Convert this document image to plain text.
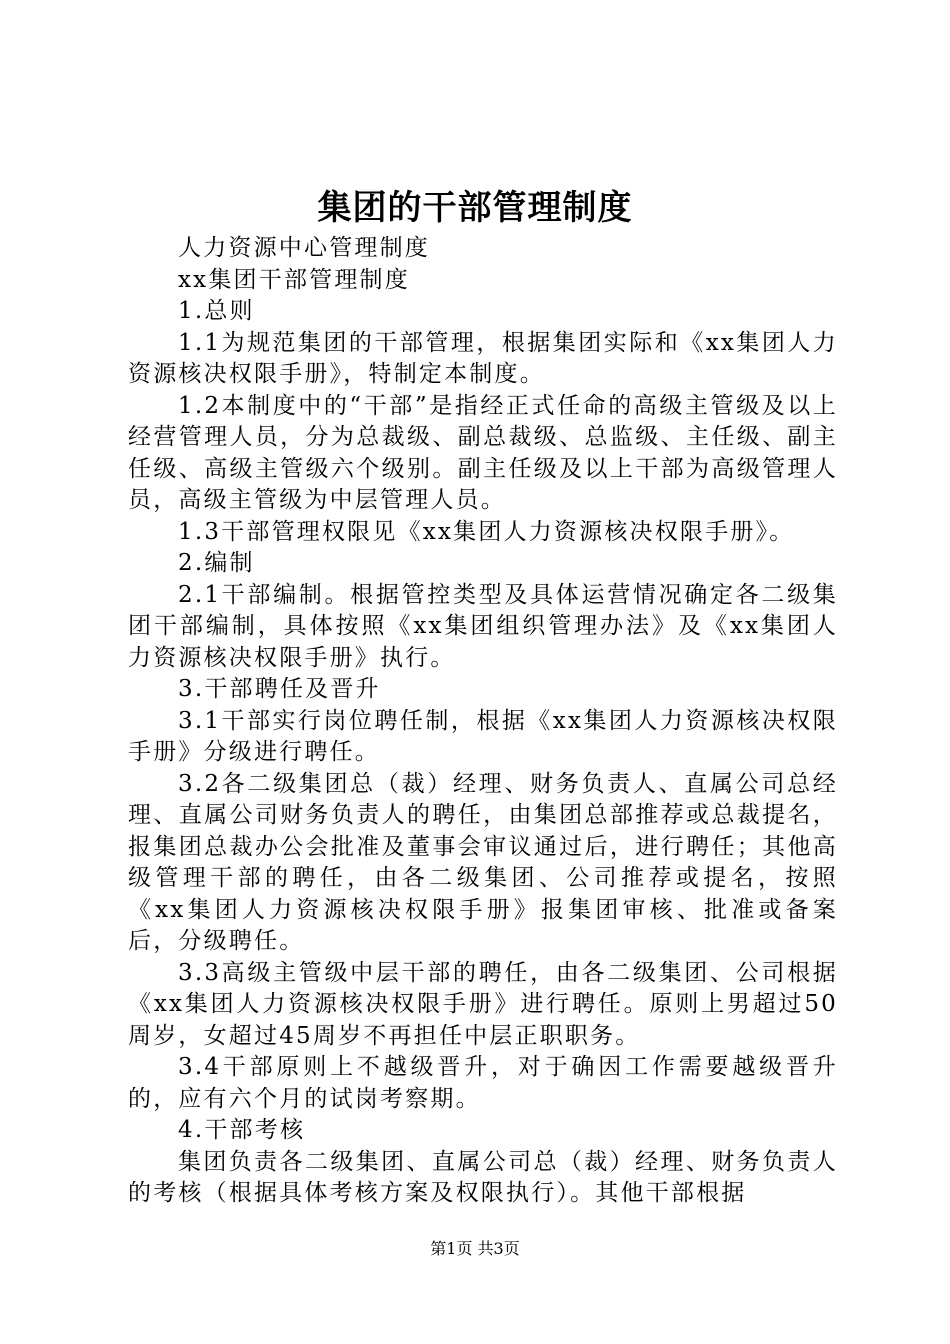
集团的干部管理制度

人力资源中心管理制度

xx集团干部管理制度

1.总则

1.1为规范集团的干部管理，根据集团实际和《xx集团人力资源核决权限手册》，特制定本制度。

1.2本制度中的“干部”是指经正式任命的高级主管级及以上经营管理人员，分为总裁级、副总裁级、总监级、主任级、副主任级、高级主管级六个级别。副主任级及以上干部为高级管理人员，高级主管级为中层管理人员。

1.3干部管理权限见《xx集团人力资源核决权限手册》。

2.编制

2.1干部编制。根据管控类型及具体运营情况确定各二级集团干部编制，具体按照《xx集团组织管理办法》及《xx集团人力资源核决权限手册》执行。

3.干部聘任及晋升

3.1干部实行岗位聘任制，根据《xx集团人力资源核决权限手册》分级进行聘任。

3.2各二级集团总（裁）经理、财务负责人、直属公司总经理、直属公司财务负责人的聘任，由集团总部推荐或总裁提名，报集团总裁办公会批准及董事会审议通过后，进行聘任；其他高级管理干部的聘任，由各二级集团、公司推荐或提名，按照《xx集团人力资源核决权限手册》报集团审核、批准或备案后，分级聘任。

3.3高级主管级中层干部的聘任，由各二级集团、公司根据《xx集团人力资源核决权限手册》进行聘任。原则上男超过50周岁，女超过45周岁不再担任中层正职职务。

3.4干部原则上不越级晋升，对于确因工作需要越级晋升的，应有六个月的试岗考察期。

4.干部考核

集团负责各二级集团、直属公司总（裁）经理、财务负责人的考核（根据具体考核方案及权限执行）。其他干部根据

第1页 共3页
